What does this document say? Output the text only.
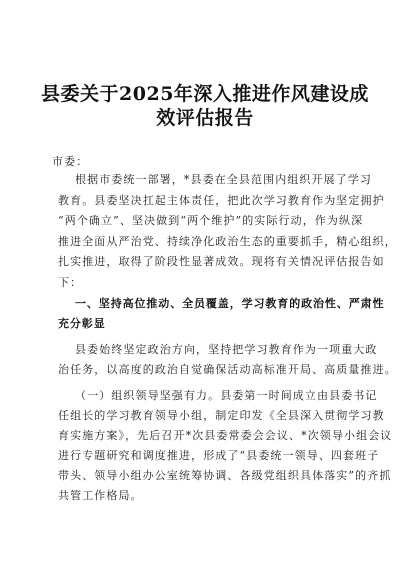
县委关于2025年深入推进作风建设成
效评估报告
市委：
根据市委统一部署，*县委在全县范围内组织开展了学习
教育。县委坚决扛起主体责任，把此次学习教育作为坚定拥护
“两个确立”、坚决做到“两个维护”的实际行动，作为纵深
推进全面从严治党、持续净化政治生态的重要抓手，精心组织，
扎实推进，取得了阶段性显著成效。现将有关情况评估报告如
下：
一、坚持高位推动、全员覆盖，学习教育的政治性、严肃性
充分彰显
县委始终坚定政治方向，坚持把学习教育作为一项重大政
治任务，以高度的政治自觉确保活动高标准开局、高质量推进。
（一）组织领导坚强有力。县委第一时间成立由县委书记
任组长的学习教育领导小组，制定印发《全县深入贯彻学习教
育实施方案》，先后召开*次县委常委会会议、*次领导小组会议
进行专题研究和调度推进，形成了“县委统一领导、四套班子
带头、领导小组办公室统筹协调、各级党组织具体落实”的齐抓
共管工作格局。
